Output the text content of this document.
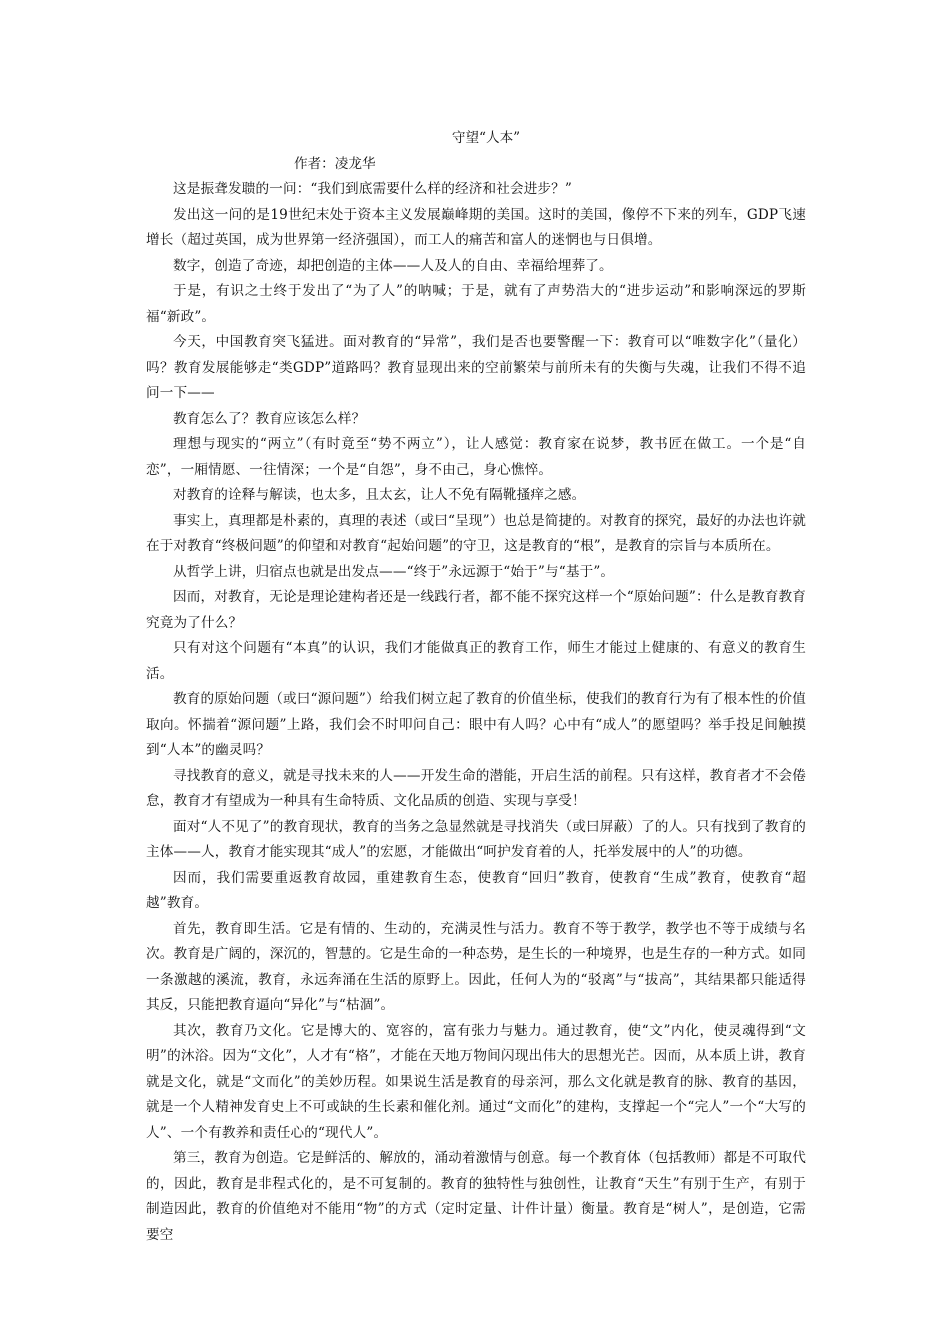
守望“人本”
作者：凌龙华

这是振聋发聩的一问：“我们到底需要什么样的经济和社会进步？”

发出这一问的是19世纪末处于资本主义发展巅峰期的美国。这时的美国，像停不下来的列车，GDP飞速增长（超过英国，成为世界第一经济强国），而工人的痛苦和富人的迷惘也与日俱增。

数字，创造了奇迹，却把创造的主体——人及人的自由、幸福给埋葬了。

于是，有识之士终于发出了“为了人”的呐喊；于是，就有了声势浩大的“进步运动”和影响深远的罗斯福“新政”。

今天，中国教育突飞猛进。面对教育的“异常”，我们是否也要警醒一下：教育可以“唯数字化”（量化）吗？教育发展能够走“类GDP”道路吗？教育显现出来的空前繁荣与前所未有的失衡与失魂，让我们不得不追问一下——

教育怎么了？教育应该怎么样？

理想与现实的“两立”（有时竟至“势不两立”），让人感觉：教育家在说梦，教书匠在做工。一个是“自恋”，一厢情愿、一往情深；一个是“自怨”，身不由己，身心憔悴。

对教育的诠释与解读，也太多，且太玄，让人不免有隔靴搔痒之感。

事实上，真理都是朴素的，真理的表述（或曰“呈现”）也总是简捷的。对教育的探究，最好的办法也许就在于对教育“终极问题”的仰望和对教育“起始问题”的守卫，这是教育的“根”，是教育的宗旨与本质所在。

从哲学上讲，归宿点也就是出发点——“终于”永远源于“始于”与“基于”。

因而，对教育，无论是理论建构者还是一线践行者，都不能不探究这样一个“原始问题”：什么是教育教育究竟为了什么？

只有对这个问题有“本真”的认识，我们才能做真正的教育工作，师生才能过上健康的、有意义的教育生活。

教育的原始问题（或曰“源问题”）给我们树立起了教育的价值坐标，使我们的教育行为有了根本性的价值取向。怀揣着“源问题”上路，我们会不时叩问自己：眼中有人吗？心中有“成人”的愿望吗？举手投足间触摸到“人本”的幽灵吗？

寻找教育的意义，就是寻找未来的人——开发生命的潜能，开启生活的前程。只有这样，教育者才不会倦怠，教育才有望成为一种具有生命特质、文化品质的创造、实现与享受！

面对“人不见了”的教育现状，教育的当务之急显然就是寻找消失（或曰屏蔽）了的人。只有找到了教育的主体——人，教育才能实现其“成人”的宏愿，才能做出“呵护发育着的人，托举发展中的人”的功德。

因而，我们需要重返教育故园，重建教育生态，使教育“回归”教育，使教育“生成”教育，使教育“超越”教育。

首先，教育即生活。它是有情的、生动的，充满灵性与活力。教育不等于教学，教学也不等于成绩与名次。教育是广阔的，深沉的，智慧的。它是生命的一种态势，是生长的一种境界，也是生存的一种方式。如同一条激越的溪流，教育，永远奔涌在生活的原野上。因此，任何人为的“驳离”与“拔高”，其结果都只能适得其反，只能把教育逼向“异化”与“枯涸”。

其次，教育乃文化。它是博大的、宽容的，富有张力与魅力。通过教育，使“文”内化，使灵魂得到“文明”的沐浴。因为“文化”，人才有“格”，才能在天地万物间闪现出伟大的思想光芒。因而，从本质上讲，教育就是文化，就是“文而化”的美妙历程。如果说生活是教育的母亲河，那么文化就是教育的脉、教育的基因，就是一个人精神发育史上不可或缺的生长素和催化剂。通过“文而化”的建构，支撑起一个“完人”一个“大写的人”、一个有教养和责任心的“现代人”。

第三，教育为创造。它是鲜活的、解放的，涌动着激情与创意。每一个教育体（包括教师）都是不可取代的，因此，教育是非程式化的，是不可复制的。教育的独特性与独创性，让教育“天生”有别于生产，有别于制造因此，教育的价值绝对不能用“物”的方式（定时定量、计件计量）衡量。教育是“树人”，是创造，它需要空
